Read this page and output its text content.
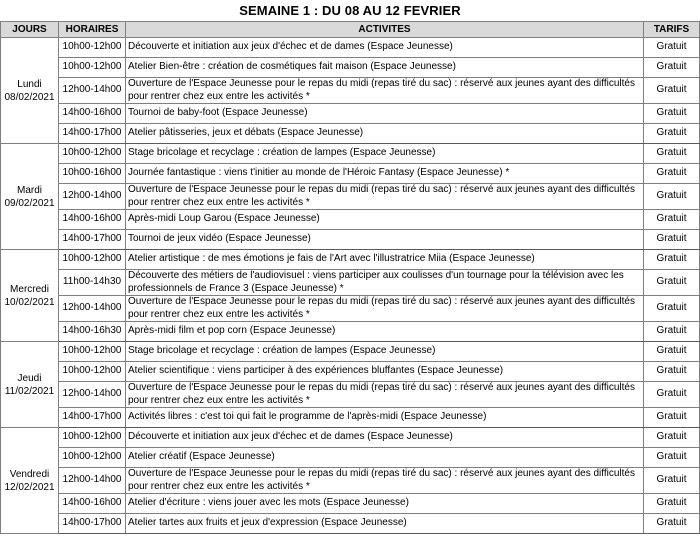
SEMAINE 1 : DU 08 AU 12 FEVRIER
JOURS	HORAIRES	ACTIVITES	TARIFS

Lundi
08/02/2021	10h00-12h00	Découverte et initiation aux jeux d'échec et de dames (Espace Jeunesse)	Gratuit
	10h00-12h00	Atelier Bien-être : création de cosmétiques fait maison (Espace Jeunesse)	Gratuit
	12h00-14h00	Ouverture de l'Espace Jeunesse pour le repas du midi (repas tiré du sac) : réservé aux jeunes ayant des difficultés pour rentrer chez eux entre les activités *	Gratuit
	14h00-16h00	Tournoi de baby-foot (Espace Jeunesse)	Gratuit
	14h00-17h00	Atelier pâtisseries, jeux et débats (Espace Jeunesse)	Gratuit

Mardi
09/02/2021	10h00-12h00	Stage bricolage et recyclage : création de lampes (Espace Jeunesse)	Gratuit
	10h00-16h00	Journée fantastique : viens t'initier au monde de l'Héroic Fantasy (Espace Jeunesse) *	Gratuit
	12h00-14h00	Ouverture de l'Espace Jeunesse pour le repas du midi (repas tiré du sac) : réservé aux jeunes ayant des difficultés pour rentrer chez eux entre les activités *	Gratuit
	14h00-16h00	Après-midi Loup Garou (Espace Jeunesse)	Gratuit
	14h00-17h00	Tournoi de jeux vidéo (Espace Jeunesse)	Gratuit

Mercredi
10/02/2021	10h00-12h00	Atelier artistique : de mes émotions je fais de l'Art avec l'illustratrice Miia (Espace Jeunesse)	Gratuit
	11h00-14h30	Découverte des métiers de l'audiovisuel : viens participer aux coulisses d'un tournage pour la télévision avec les professionnels de France 3 (Espace Jeunesse) *	Gratuit
	12h00-14h00	Ouverture de l'Espace Jeunesse pour le repas du midi (repas tiré du sac) : réservé aux jeunes ayant des difficultés pour rentrer chez eux entre les activités *	Gratuit
	14h00-16h30	Après-midi film et pop corn (Espace Jeunesse)	Gratuit

Jeudi
11/02/2021	10h00-12h00	Stage bricolage et recyclage : création de lampes (Espace Jeunesse)	Gratuit
	10h00-12h00	Atelier scientifique : viens participer à des expériences bluffantes (Espace Jeunesse)	Gratuit
	12h00-14h00	Ouverture de l'Espace Jeunesse pour le repas du midi (repas tiré du sac) : réservé aux jeunes ayant des difficultés pour rentrer chez eux entre les activités *	Gratuit
	14h00-17h00	Activités libres : c'est toi qui fait le programme de l'après-midi (Espace Jeunesse)	Gratuit

Vendredi
12/02/2021	10h00-12h00	Découverte et initiation aux jeux d'échec et de dames (Espace Jeunesse)	Gratuit
	10h00-12h00	Atelier créatif (Espace Jeunesse)	Gratuit
	12h00-14h00	Ouverture de l'Espace Jeunesse pour le repas du midi (repas tiré du sac) : réservé aux jeunes ayant des difficultés pour rentrer chez eux entre les activités *	Gratuit
	14h00-16h00	Atelier d'écriture : viens jouer avec les mots (Espace Jeunesse)	Gratuit
	14h00-17h00	Atelier tartes aux fruits et jeux d'expression (Espace Jeunesse)	Gratuit
